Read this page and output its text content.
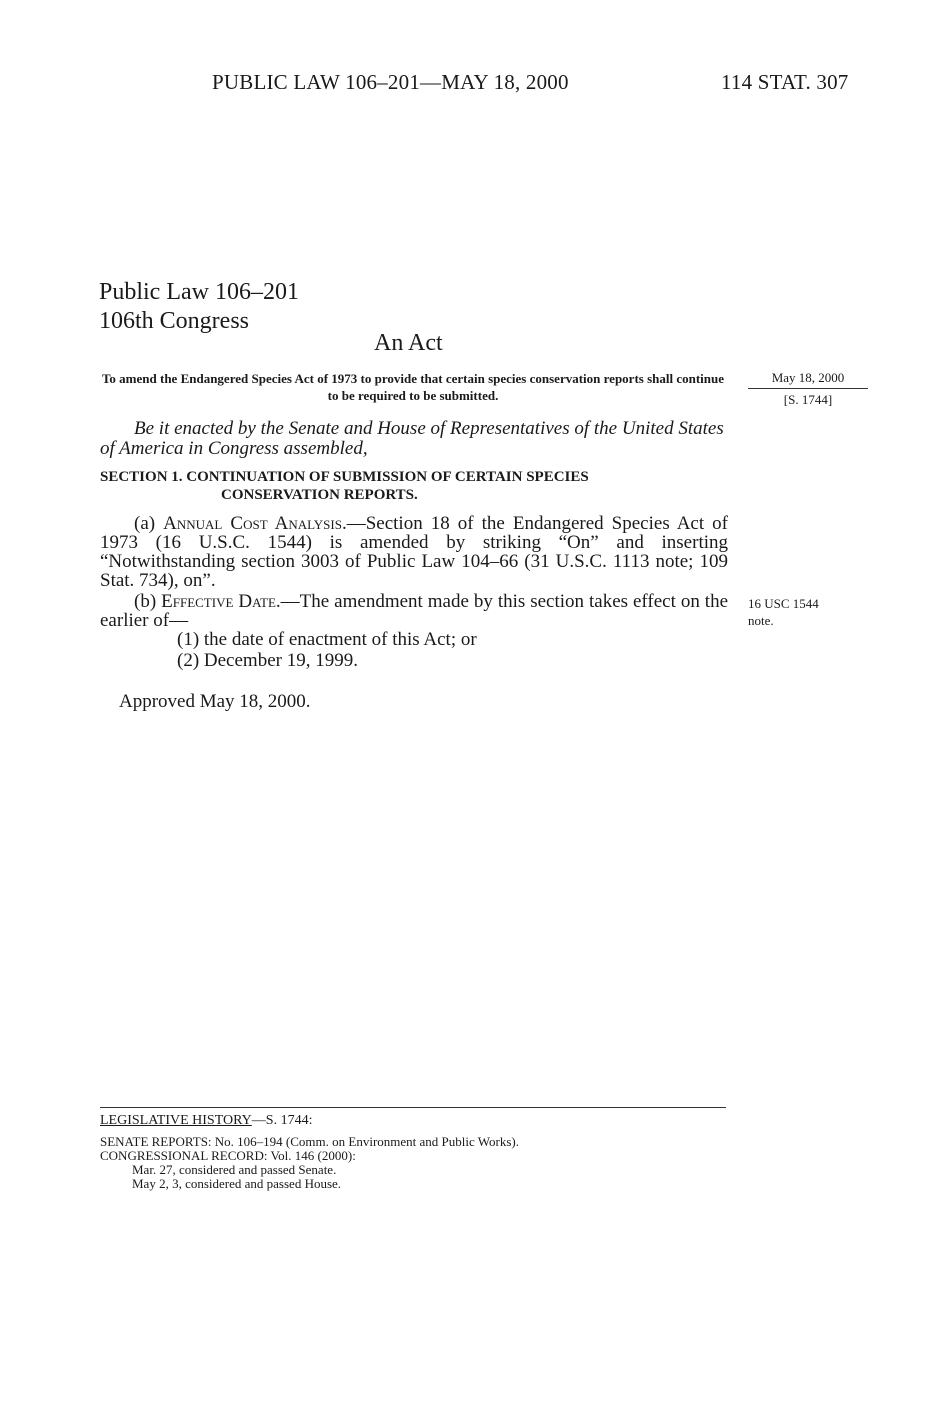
PUBLIC LAW 106–201—MAY 18, 2000	114 STAT. 307
Public Law 106–201
106th Congress
An Act
To amend the Endangered Species Act of 1973 to provide that certain species conservation reports shall continue to be required to be submitted.
May 18, 2000
[S. 1744]
Be it enacted by the Senate and House of Representatives of the United States of America in Congress assembled,
SECTION 1. CONTINUATION OF SUBMISSION OF CERTAIN SPECIES
CONSERVATION REPORTS.
(a) Annual Cost Analysis.—Section 18 of the Endangered Species Act of 1973 (16 U.S.C. 1544) is amended by striking “On” and inserting “Notwithstanding section 3003 of Public Law 104–66 (31 U.S.C. 1113 note; 109 Stat. 734), on”.
(b) Effective Date.—The amendment made by this section takes effect on the earlier of—
(1) the date of enactment of this Act; or
(2) December 19, 1999.
16 USC 1544
note.
Approved May 18, 2000.
LEGISLATIVE HISTORY—S. 1744:
SENATE REPORTS: No. 106–194 (Comm. on Environment and Public Works).
CONGRESSIONAL RECORD: Vol. 146 (2000):
Mar. 27, considered and passed Senate.
May 2, 3, considered and passed House.
